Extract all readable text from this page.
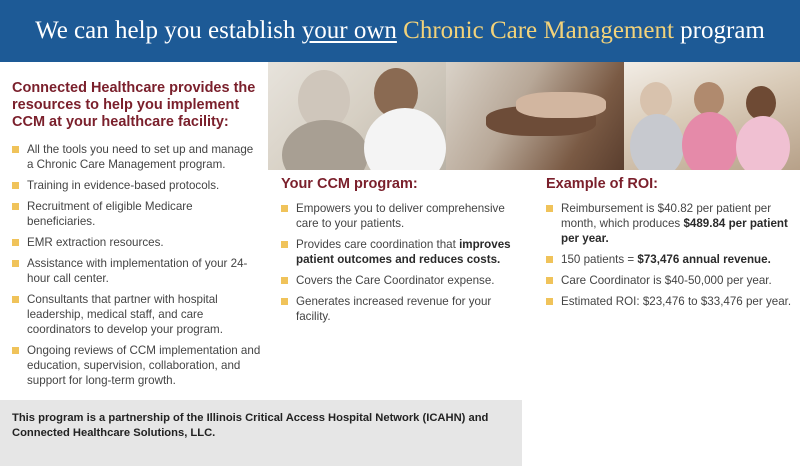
We can help you establish
your own
Chronic Care Management
program
Connected Healthcare provides the resources to help you implement CCM at your healthcare facility:
All the tools you need to set up and manage a Chronic Care Management program.
Training in evidence-based protocols.
Recruitment of eligible Medicare beneficiaries.
EMR extraction resources.
Assistance with implementation of your 24-hour call center.
Consultants that partner with hospital leadership, medical staff, and care coordinators to develop your program.
Ongoing reviews of CCM implementation and education, supervision, collaboration, and support for long-term growth.
Your CCM program:
Empowers you to deliver comprehensive care to your patients.
Provides care coordination that improves patient outcomes and reduces costs.
Covers the Care Coordinator expense.
Generates increased revenue for your facility.
Example of ROI:
Reimbursement is $40.82 per patient per month, which produces $489.84 per patient per year.
150 patients = $73,476 annual revenue.
Care Coordinator is $40-50,000 per year.
Estimated ROI: $23,476 to $33,476 per year.
This program is a partnership of the Illinois Critical Access Hospital Network (ICAHN) and Connected Healthcare Solutions, LLC.
